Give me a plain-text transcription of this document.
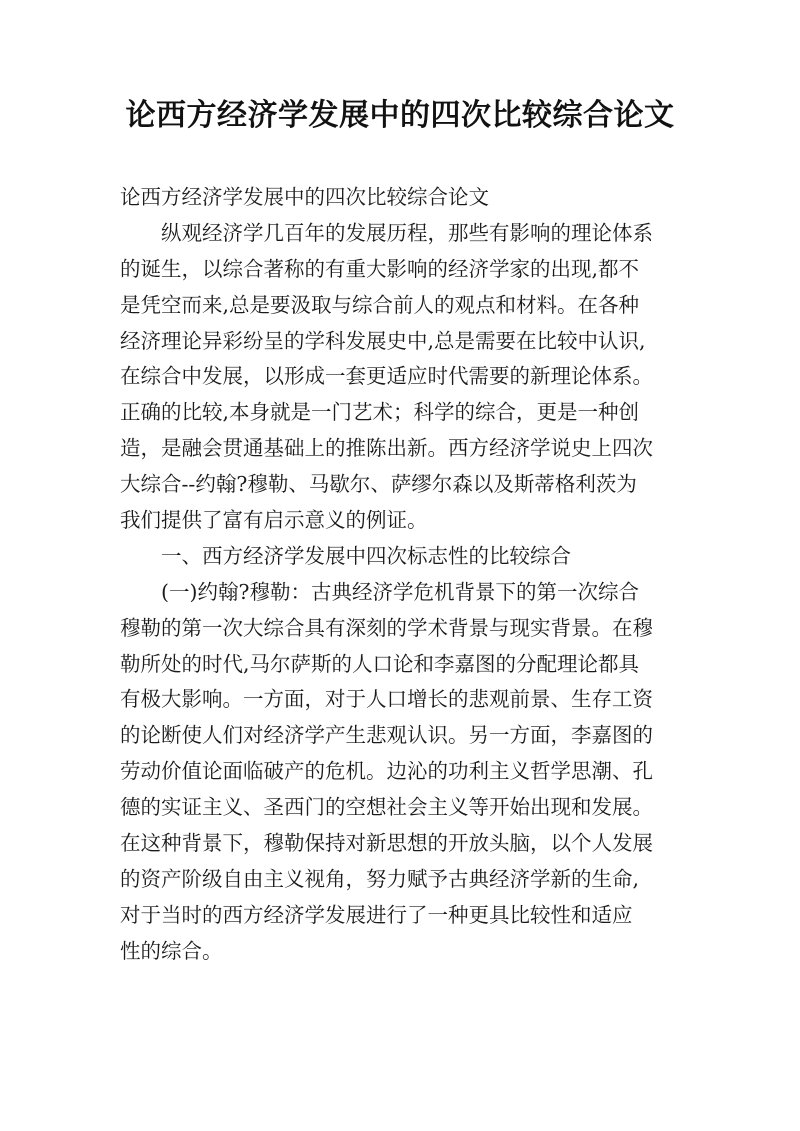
论西方经济学发展中的四次比较综合论文
论西方经济学发展中的四次比较综合论文
纵观经济学几百年的发展历程，那些有影响的理论体系
的诞生，以综合著称的有重大影响的经济学家的出现,都不
是凭空而来,总是要汲取与综合前人的观点和材料。在各种
经济理论异彩纷呈的学科发展史中,总是需要在比较中认识,
在综合中发展，以形成一套更适应时代需要的新理论体系。
正确的比较,本身就是一门艺术；科学的综合，更是一种创
造，是融会贯通基础上的推陈出新。西方经济学说史上四次
大综合--约翰?穆勒、马歇尔、萨缪尔森以及斯蒂格利茨为
我们提供了富有启示意义的例证。
一、西方经济学发展中四次标志性的比较综合
(一)约翰?穆勒：古典经济学危机背景下的第一次综合
穆勒的第一次大综合具有深刻的学术背景与现实背景。在穆
勒所处的时代,马尔萨斯的人口论和李嘉图的分配理论都具
有极大影响。一方面，对于人口增长的悲观前景、生存工资
的论断使人们对经济学产生悲观认识。另一方面，李嘉图的
劳动价值论面临破产的危机。边沁的功利主义哲学思潮、孔
德的实证主义、圣西门的空想社会主义等开始出现和发展。
在这种背景下，穆勒保持对新思想的开放头脑，以个人发展
的资产阶级自由主义视角，努力赋予古典经济学新的生命,
对于当时的西方经济学发展进行了一种更具比较性和适应
性的综合。
